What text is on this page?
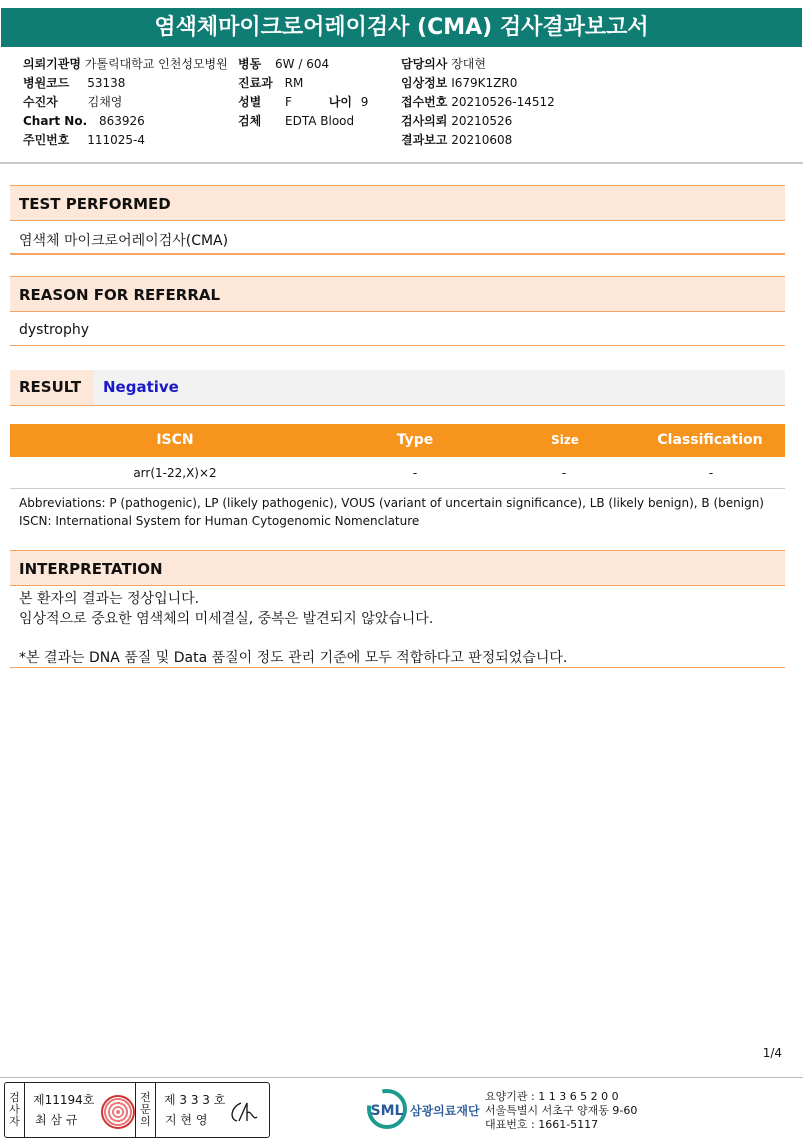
염색체마이크로어레이검사 (CMA) 검사결과보고서
의뢰기관명 가톨릭대학교 인천성모병원
병원코드 53138
수진자 김채영
Chart No. 863926
주민번호 111025-4
병동 6W / 604
진료과 RM
성별 F	나이 9
검체 EDTA Blood
담당의사 장대현
임상정보 I679K1ZR0
접수번호 20210526-14512
검사의뢰 20210526
결과보고 20210608
TEST PERFORMED
염색체 마이크로어레이검사(CMA)
REASON FOR REFERRAL
dystrophy
RESULT	Negative
ISCN	Type	Size	Classification
arr(1-22,X)×2	-	-	-
Abbreviations: P (pathogenic), LP (likely pathogenic), VOUS (variant of uncertain significance), LB (likely benign), B (benign)
ISCN: International System for Human Cytogenomic Nomenclature
INTERPRETATION
본 환자의 결과는 정상입니다.
임상적으로 중요한 염색체의 미세결실, 중복은 발견되지 않았습니다.
*본 결과는 DNA 품질 및 Data 품질이 정도 관리 기준에 모두 적합하다고 판정되었습니다.
1/4
검
사
자
제11194호
최 삼 규
전
문
의
제 3 3 3 호
지 현 영
SML 삼광의료재단
요양기관 : 1 1 3 6 5 2 0 0
서울특별시 서초구 양재동 9-60
대표번호 : 1661-5117
